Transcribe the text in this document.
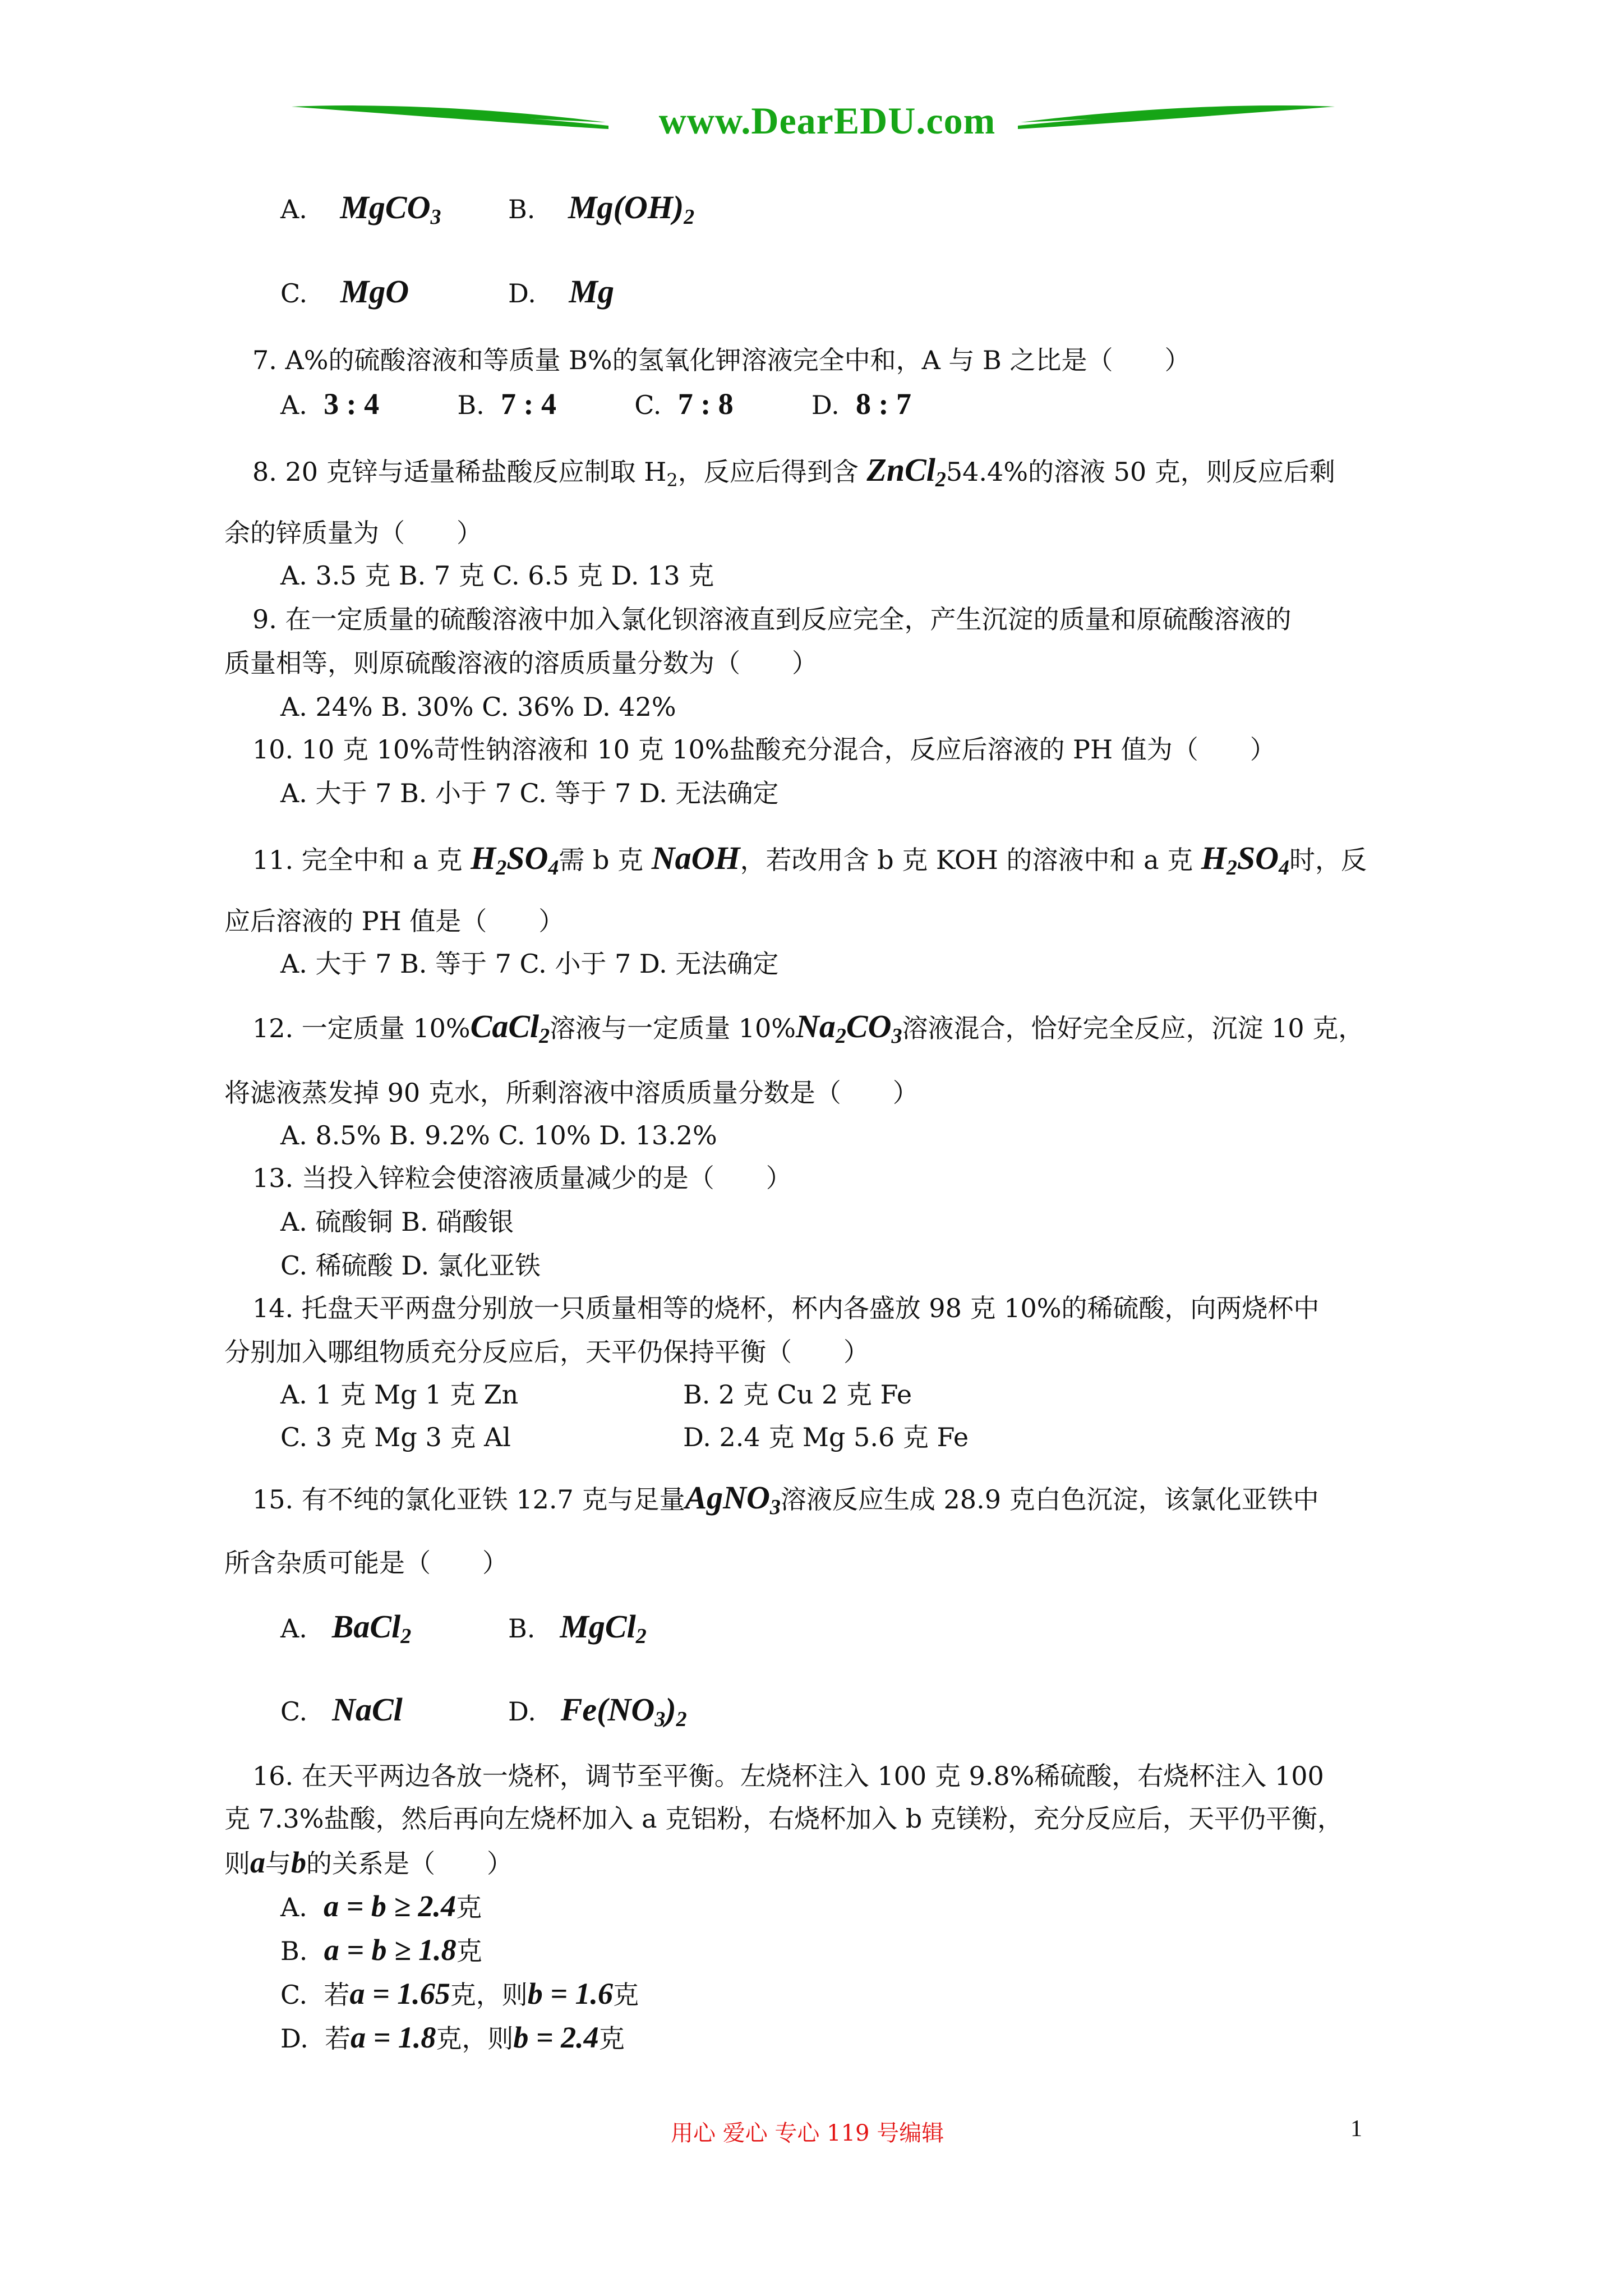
www.DearEDU.com
A. MgCO$_3$	B. $Mg(OH)_2$
C. MgO	D. Mg
7. A%的硫酸溶液和等质量 B%的氢氧化钾溶液完全中和，A 与 B 之比是（　　）
A. 3 : 4	B. 7 : 4	C. 7 : 8	D. 8 : 7
8. 20 克锌与适量稀盐酸反应制取 $H_2$，反应后得到含 ZnCl$_2$54.4%的溶液 50 克，则反应后剩
余的锌质量为（　　）
A. 3.5 克 B. 7 克 C. 6.5 克 D. 13 克
9. 在一定质量的硫酸溶液中加入氯化钡溶液直到反应完全，产生沉淀的质量和原硫酸溶液的
质量相等，则原硫酸溶液的溶质质量分数为（　　）
A. 24% B. 30% C. 36% D. 42%
10. 10 克 10%苛性钠溶液和 10 克 10%盐酸充分混合，反应后溶液的 PH 值为（　　）
A. 大于 7 B. 小于 7 C. 等于 7 D. 无法确定
11. 完全中和 a 克 $H_2SO_4$需 b 克 NaOH，若改用含 b 克 KOH 的溶液中和 a 克 $H_2SO_4$时，反
应后溶液的 PH 值是（　　）
A. 大于 7 B. 等于 7 C. 小于 7 D. 无法确定
12. 一定质量 10%CaCl$_2$溶液与一定质量 $10\%Na_2CO_3$溶液混合，恰好完全反应，沉淀 10 克，
将滤液蒸发掉 90 克水，所剩溶液中溶质质量分数是（　　）
A. 8.5% B. 9.2% C. 10% D. 13.2%
13. 当投入锌粒会使溶液质量减少的是（　　）
A. 硫酸铜 B. 硝酸银
C. 稀硫酸 D. 氯化亚铁
14. 托盘天平两盘分别放一只质量相等的烧杯，杯内各盛放 98 克 10%的稀硫酸，向两烧杯中
分别加入哪组物质充分反应后，天平仍保持平衡（　　）
A. 1 克 Mg 1 克 Zn	B. 2 克 Cu 2 克 Fe
C. 3 克 Mg 3 克 Al	D. 2.4 克 Mg 5.6 克 Fe
15. 有不纯的氯化亚铁 12.7 克与足量AgNO$_3$溶液反应生成 28.9 克白色沉淀，该氯化亚铁中
所含杂质可能是（　　）
A. BaCl$_2$	B. MgCl$_2$
C. NaCl	D. $Fe(NO_3)_2$
16. 在天平两边各放一烧杯，调节至平衡。左烧杯注入 100 克 9.8%稀硫酸，右烧杯注入 100
克 7.3%盐酸，然后再向左烧杯加入 a 克铝粉，右烧杯加入 b 克镁粉，充分反应后，天平仍平衡，
则a与b的关系是（　　）
A. a = b ≥ 2.4克
B. a = b ≥ 1.8克
C. 若a = 1.65克，则b = 1.6克
D. 若a = 1.8克，则b = 2.4克
用心 爱心 专心 119 号编辑	1
